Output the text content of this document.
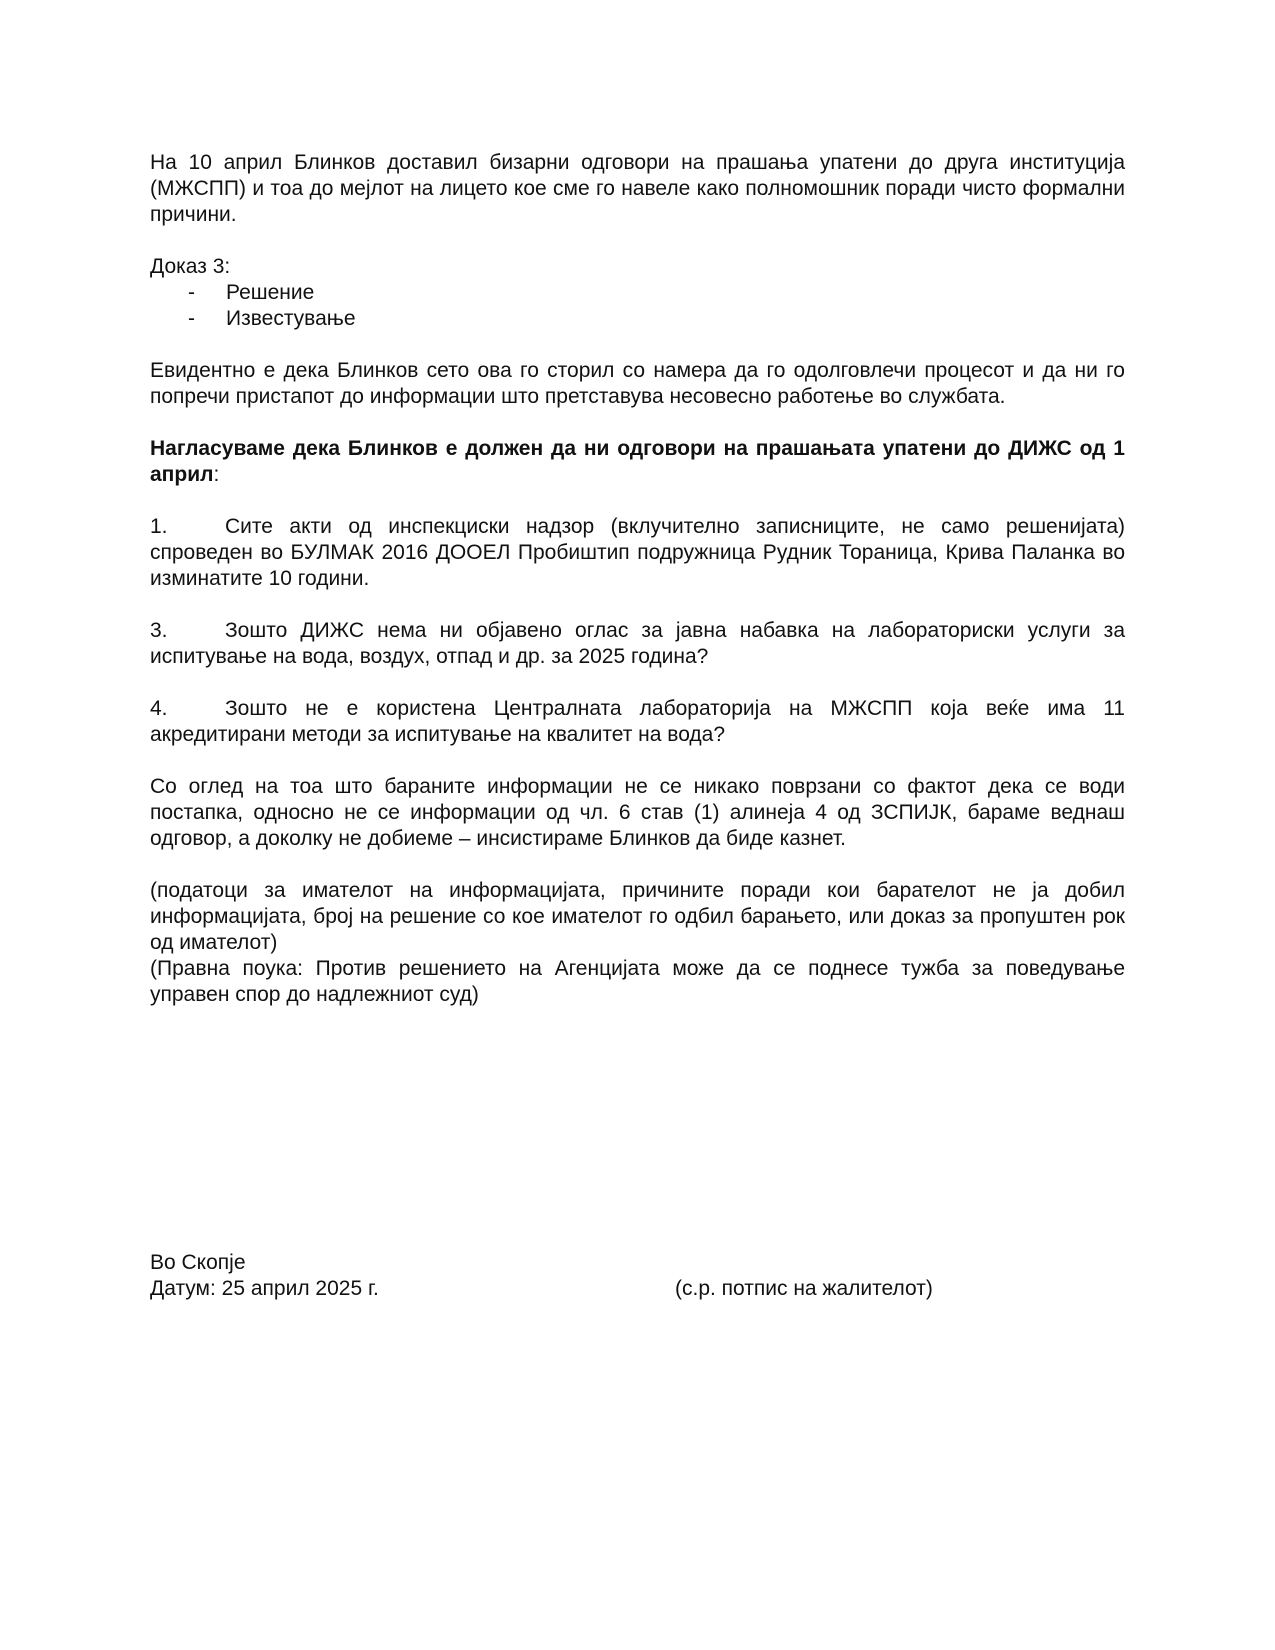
На 10 април Блинков доставил бизарни одговори на прашања упатени до друга институција (МЖСПП) и тоа до мејлот на лицето кое сме го навеле како полномошник поради чисто формални причини.

Доказ 3:
-	Решение
-	Известување

Евидентно е дека Блинков сето ова го сторил со намера да го одолговлечи процесот и да ни го попречи пристапот до информации што претставува несовесно работење во службата.

Нагласуваме дека Блинков е должен да ни одговори на прашањата упатени до ДИЖС од 1 април:

1.	Сите акти од инспекциски надзор (вклучително записниците, не само решенијата) спроведен во БУЛМАК 2016 ДООЕЛ Пробиштип подружница Рудник Тораница, Крива Паланка во изминатите 10 години.

3.	Зошто ДИЖС нема ни објавено оглас за јавна набавка на лабораториски услуги за испитување на вода, воздух, отпад и др. за 2025 година?

4.	Зошто не е користена Централната лабораторија на МЖСПП која веќе има 11 акредитирани методи за испитување на квалитет на вода?

Со оглед на тоа што бараните информации не се никако поврзани со фактот дека се води постапка, односно не се информации од чл. 6 став (1) алинеја 4 од ЗСПИЈК, бараме веднаш одговор, а доколку не добиеме – инсистираме Блинков да биде казнет.

(податоци за имателот на информацијата, причините поради кои барателот не ја добил информацијата, број на решение со кое имателот го одбил барањето, или доказ за пропуштен рок од имателот)

(Правна поука: Против решението на Агенцијата може да се поднесе тужба за поведување управен спор до надлежниот суд)

Во Скопје
Датум: 25 април 2025 г.	(с.р. потпис на жалителот)
